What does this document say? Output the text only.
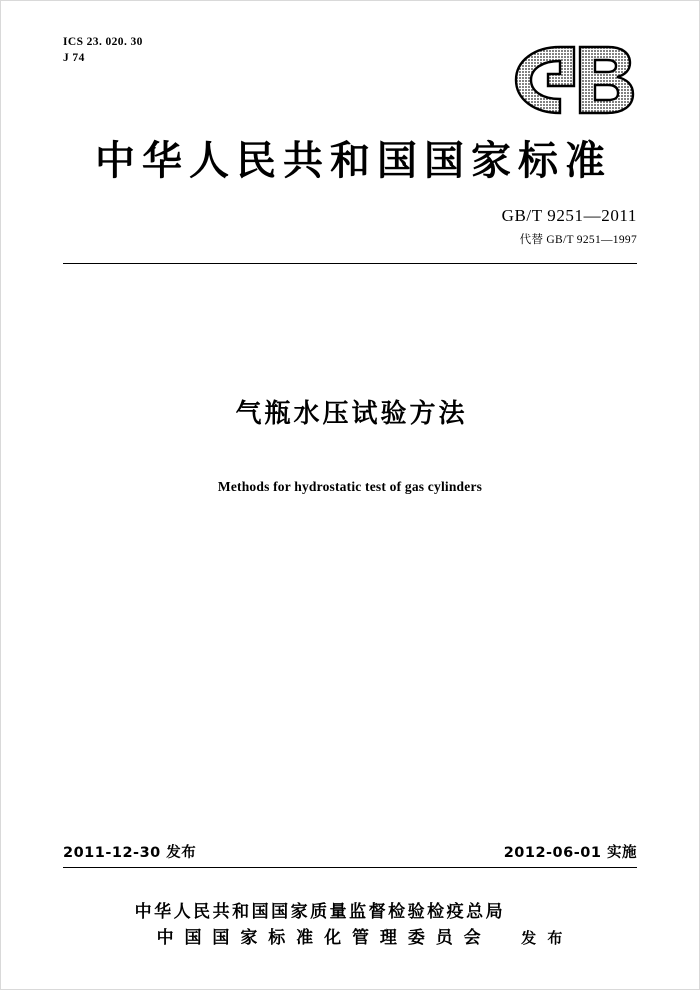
ICS 23. 020. 30
J 74
中华人民共和国国家标准
GB/T 9251—2011
代替 GB/T 9251—1997
气瓶水压试验方法
Methods for hydrostatic test of gas cylinders
2011-12-30 发布	2012-06-01 实施
中华人民共和国国家质量监督检验检疫总局
中 国 国 家 标 准 化 管 理 委 员 会	发 布
